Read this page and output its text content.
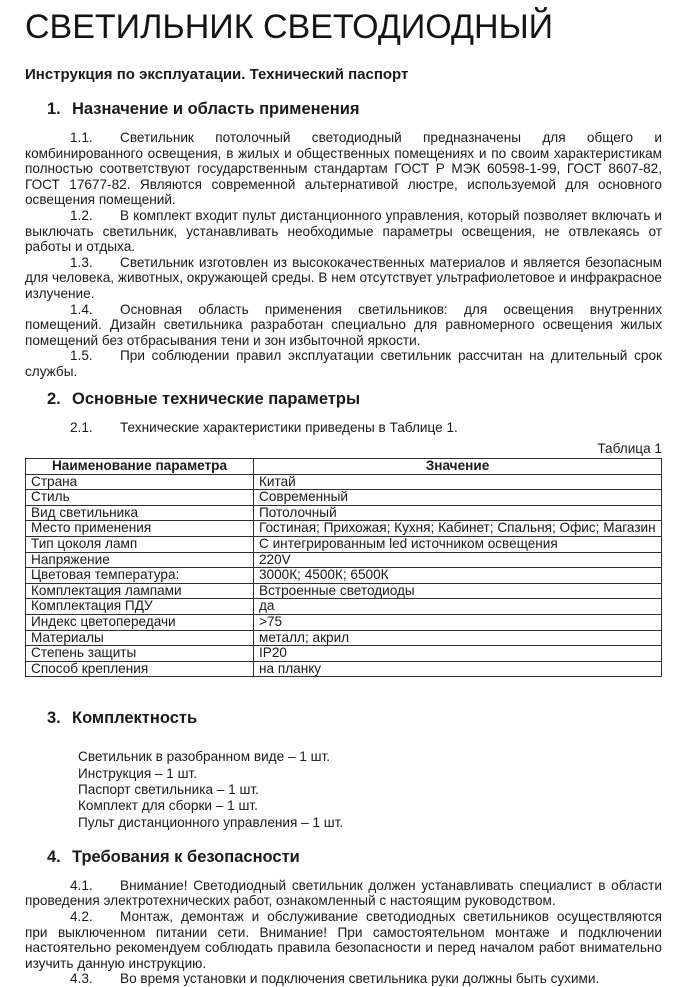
СВЕТИЛЬНИК СВЕТОДИОДНЫЙ
Инструкция по эксплуатации. Технический паспорт
1. Назначение и область применения

1.1. Светильник потолочный светодиодный предназначены для общего и комбинированного освещения, в жилых и общественных помещениях и по своим характеристикам полностью соответствуют государственным стандартам ГОСТ Р МЭК 60598-1-99, ГОСТ 8607-82, ГОСТ 17677-82. Являются современной альтернативой люстре, используемой для основного освещения помещений.

1.2. В комплект входит пульт дистанционного управления, который позволяет включать и выключать светильник, устанавливать необходимые параметры освещения, не отвлекаясь от работы и отдыха.

1.3. Светильник изготовлен из высококачественных материалов и является безопасным для человека, животных, окружающей среды. В нем отсутствует ультрафиолетовое и инфракрасное излучение.

1.4. Основная область применения светильников: для освещения внутренних помещений. Дизайн светильника разработан специально для равномерного освещения жилых помещений без отбрасывания тени и зон избыточной яркости.

1.5. При соблюдении правил эксплуатации светильник рассчитан на длительный срок службы.

2. Основные технические параметры

2.1. Технические характеристики приведены в Таблице 1.

Таблица 1
Наименование параметра	Значение
Страна	Китай
Стиль	Современный
Вид светильника	Потолочный
Место применения	Гостиная; Прихожая; Кухня; Кабинет; Спальня; Офис; Магазин
Тип цоколя ламп	С интегрированным led источником освещения
Напряжение	220V
Цветовая температура:	3000К; 4500К; 6500К
Комплектация лампами	Встроенные светодиоды
Комплектация ПДУ	да
Индекс цветопередачи	>75
Материалы	металл; акрил
Степень защиты	IP20
Способ крепления	на планку
3. Комплектность

Светильник в разобранном виде – 1 шт.

Инструкция – 1 шт.

Паспорт светильника – 1 шт.

Комплект для сборки – 1 шт.

Пульт дистанционного управления – 1 шт.

4. Требования к безопасности

4.1. Внимание! Светодиодный светильник должен устанавливать специалист в области проведения электротехнических работ, ознакомленный с настоящим руководством.

4.2. Монтаж, демонтаж и обслуживание светодиодных светильников осуществляются при выключенном питании сети. Внимание! При самостоятельном монтаже и подключении настоятельно рекомендуем соблюдать правила безопасности и перед началом работ внимательно изучить данную инструкцию.

4.3. Во время установки и подключения светильника руки должны быть сухими.
